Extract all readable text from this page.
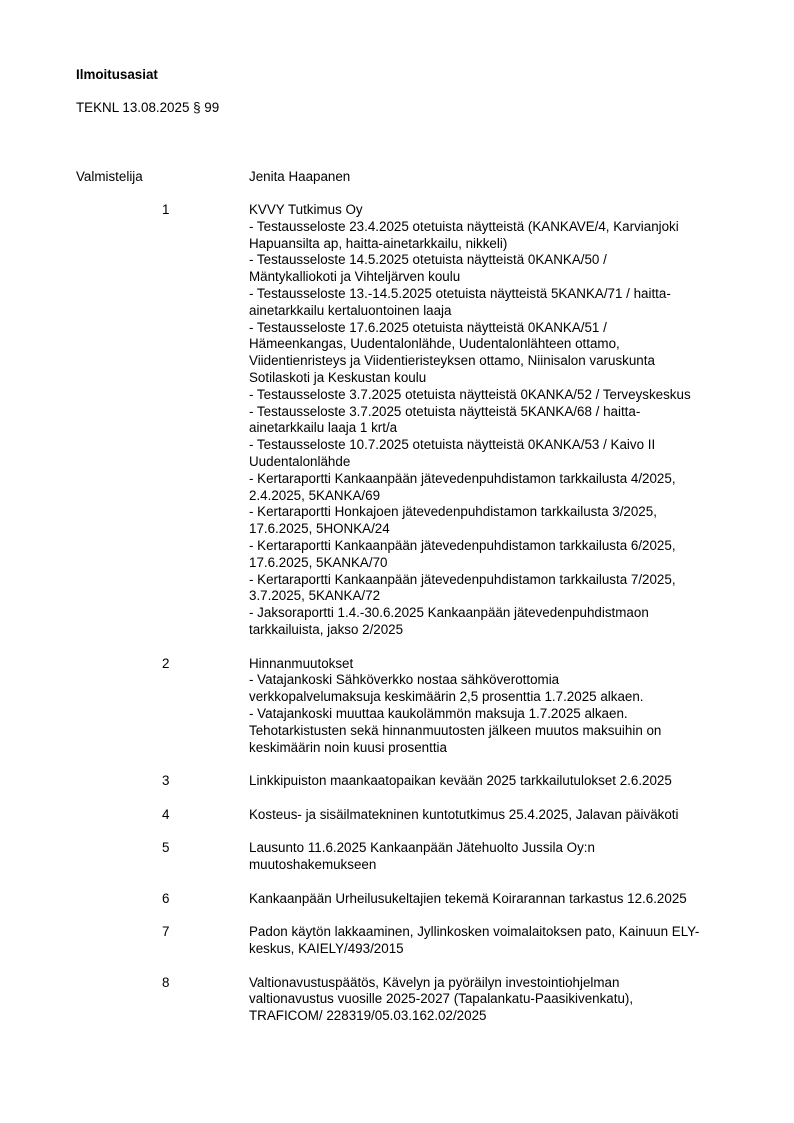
Ilmoitusasiat
TEKNL 13.08.2025 § 99
Valmistelija	Jenita Haapanen
1	KVVY Tutkimus Oy
- Testausseloste 23.4.2025 otetuista näytteistä (KANKAVE/4, Karvianjoki
Hapuansilta ap, haitta-ainetarkkailu, nikkeli)
- Testausseloste 14.5.2025 otetuista näytteistä 0KANKA/50 /
Mäntykalliokoti ja Vihteljärven koulu
- Testausseloste 13.-14.5.2025 otetuista näytteistä 5KANKA/71 / haitta-
ainetarkkailu kertaluontoinen laaja
- Testausseloste 17.6.2025 otetuista näytteistä 0KANKA/51 /
Hämeenkangas, Uudentalonlähde, Uudentalonlähteen ottamo,
Viidentienristeys ja Viidentieristeyksen ottamo, Niinisalon varuskunta
Sotilaskoti ja Keskustan koulu
- Testausseloste 3.7.2025 otetuista näytteistä 0KANKA/52 / Terveyskeskus
- Testausseloste 3.7.2025 otetuista näytteistä 5KANKA/68 / haitta-
ainetarkkailu laaja 1 krt/a
- Testausseloste 10.7.2025 otetuista näytteistä 0KANKA/53 / Kaivo II
Uudentalonlähde
- Kertaraportti Kankaanpään jätevedenpuhdistamon tarkkailusta 4/2025,
2.4.2025, 5KANKA/69
- Kertaraportti Honkajoen jätevedenpuhdistamon tarkkailusta 3/2025,
17.6.2025, 5HONKA/24
- Kertaraportti Kankaanpään jätevedenpuhdistamon tarkkailusta 6/2025,
17.6.2025, 5KANKA/70
- Kertaraportti Kankaanpään jätevedenpuhdistamon tarkkailusta 7/2025,
3.7.2025, 5KANKA/72
- Jaksoraportti 1.4.-30.6.2025 Kankaanpään jätevedenpuhdistmaon
tarkkailuista, jakso 2/2025
2	Hinnanmuutokset
- Vatajankoski Sähköverkko nostaa sähköverottomia
verkkopalvelumaksuja keskimäärin 2,5 prosenttia 1.7.2025 alkaen.
- Vatajankoski muuttaa kaukolämmön maksuja 1.7.2025 alkaen.
Tehotarkistusten sekä hinnanmuutosten jälkeen muutos maksuihin on
keskimäärin noin kuusi prosenttia
3	Linkkipuiston maankaatopaikan kevään 2025 tarkkailutulokset 2.6.2025
4	Kosteus- ja sisäilmatekninen kuntotutkimus 25.4.2025, Jalavan päiväkoti
5	Lausunto 11.6.2025 Kankaanpään Jätehuolto Jussila Oy:n
muutoshakemukseen
6	Kankaanpään Urheilusukeltajien tekemä Koirarannan tarkastus 12.6.2025
7	Padon käytön lakkaaminen, Jyllinkosken voimalaitoksen pato, Kainuun ELY-
keskus, KAIELY/493/2015
8	Valtionavustuspäätös, Kävelyn ja pyöräilyn investointiohjelman
valtionavustus vuosille 2025-2027 (Tapalankatu-Paasikivenkatu),
TRAFICOM/ 228319/05.03.162.02/2025
